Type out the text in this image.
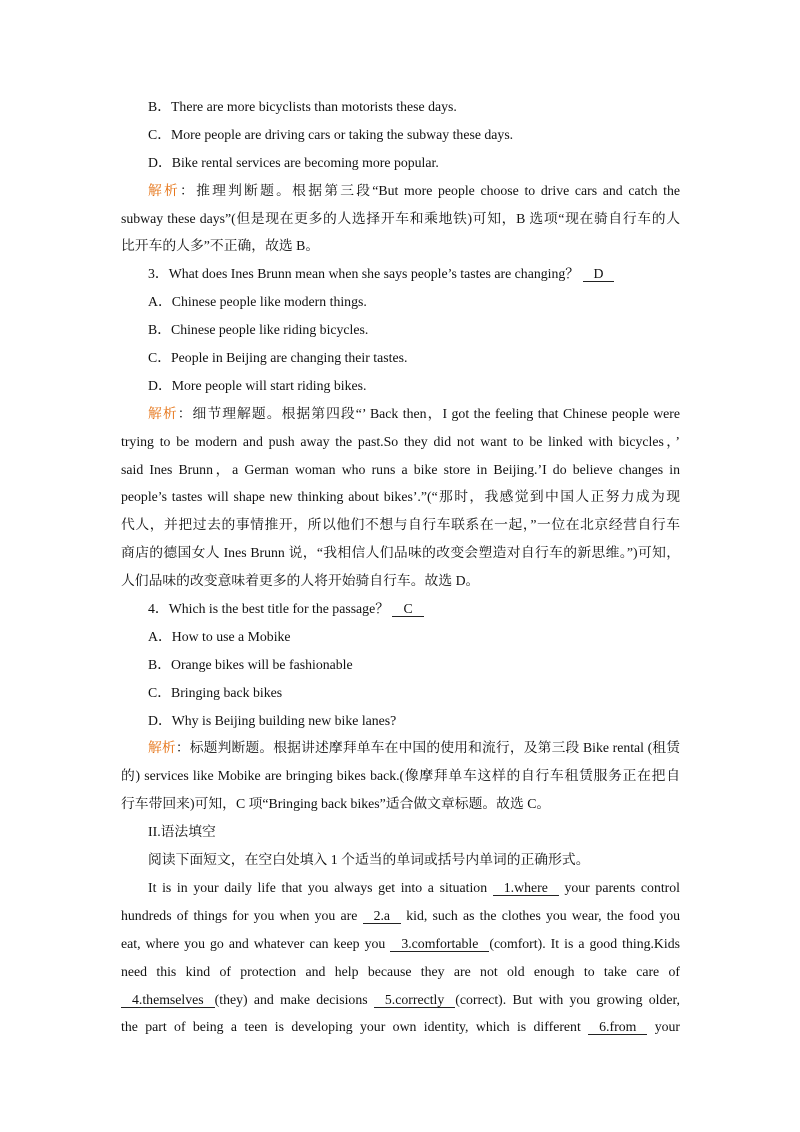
B．There are more bicyclists than motorists these days.
C．More people are driving cars or taking the subway these days.
D．Bike rental services are becoming more popular.
解析：推理判断题。根据第三段“But more people choose to drive cars and catch the
subway these days”(但是现在更多的人选择开车和乘地铁)可知，B 选项“现在骑自行车的人
比开车的人多”不正确，故选 B。
3．What does Ines Brunn mean when she says people’s tastes are changing？ D
A．Chinese people like modern things.
B．Chinese people like riding bicycles.
C．People in Beijing are changing their tastes.
D．More people will start riding bikes.
解析：细节理解题。根据第四段“’ Back then，I got the feeling that Chinese people were
trying to be modern and push away the past.So they did not want to be linked with bicycles，’
said Ines Brunn，a German woman who runs a bike store in Beijing.’I do believe changes in
people’s tastes will shape new thinking about bikes’.”(“那时，我感觉到中国人正努力成为现
代人，并把过去的事情推开，所以他们不想与自行车联系在一起，”一位在北京经营自行车
商店的德国女人 Ines Brunn 说，“我相信人们品味的改变会塑造对自行车的新思维。”)可知，
人们品味的改变意味着更多的人将开始骑自行车。故选 D。
4．Which is the best title for the passage？ C
A．How to use a Mobike
B．Orange bikes will be fashionable
C．Bringing back bikes
D．Why is Beijing building new bike lanes?
解析：标题判断题。根据讲述摩拜单车在中国的使用和流行，及第三段 Bike rental (租赁
的) services like Mobike are bringing bikes back.(像摩拜单车这样的自行车租赁服务正在把自
行车带回来)可知，C 项“Bringing back bikes”适合做文章标题。故选 C。
II.语法填空
阅读下面短文，在空白处填入 1 个适当的单词或括号内单词的正确形式。
It is in your daily life that you always get into a situation 1.where your parents control
hundreds of things for you when you are 2.a kid, such as the clothes you wear, the food you
eat, where you go and whatever can keep you 3.comfortable (comfort). It is a good thing.Kids
need this kind of protection and help because they are not old enough to take care of
4.themselves (they) and make decisions 5.correctly (correct). But with you growing older,
the part of being a teen is developing your own identity, which is different 6.from your
